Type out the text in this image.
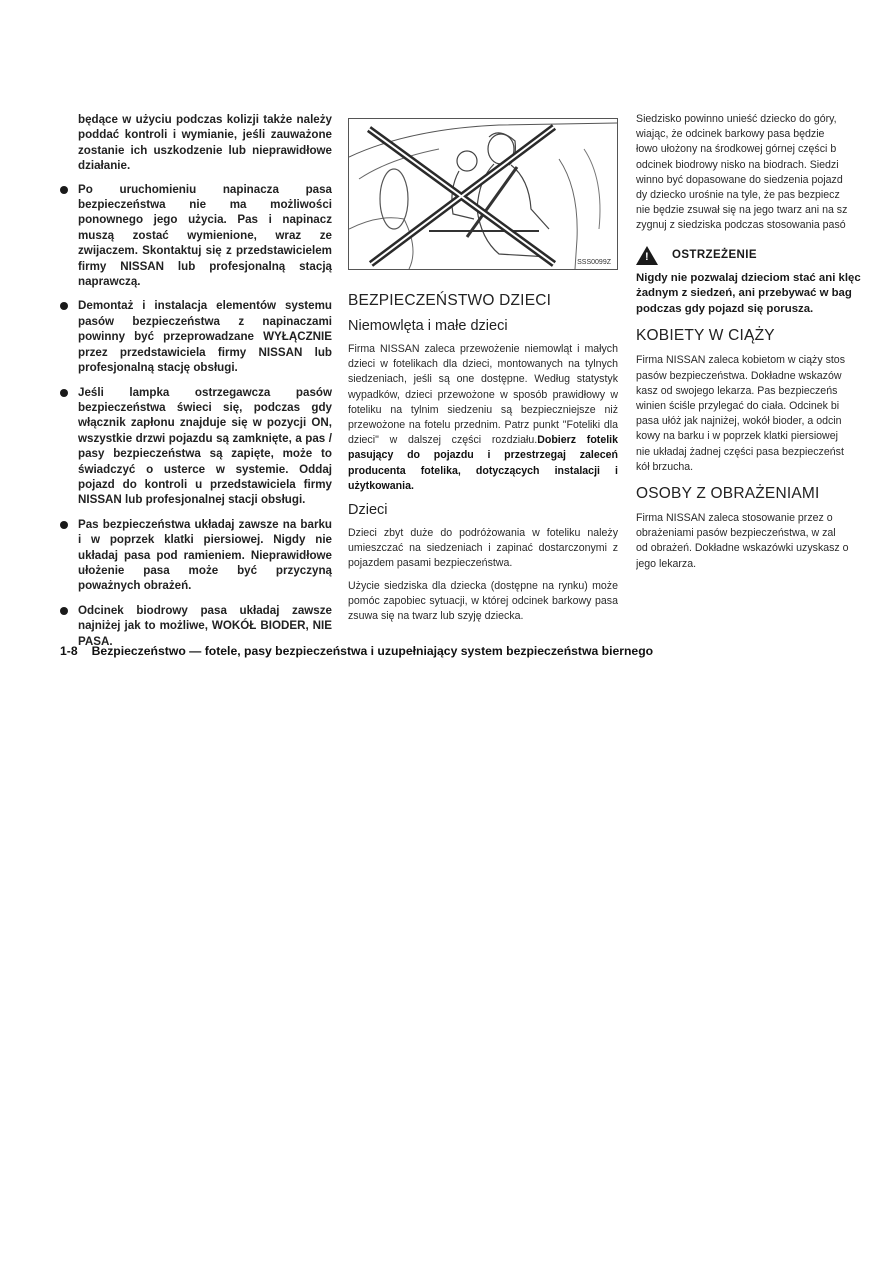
będące w użyciu podczas kolizji także należy poddać kontroli i wymianie, jeśli zauważone zostanie ich uszkodzenie lub nieprawidłowe działanie.

Po uruchomieniu napinacza pasa bezpieczeństwa nie ma możliwości ponownego jego użycia. Pas i napinacz muszą zostać wymienione, wraz ze zwijaczem. Skontaktuj się z przedstawicielem firmy NISSAN lub profesjonalną stacją naprawczą.
Demontaż i instalacja elementów systemu pasów bezpieczeństwa z napinaczami powinny być przeprowadzane WYŁĄCZNIE przez przedstawiciela firmy NISSAN lub profesjonalną stację obsługi.
Jeśli lampka ostrzegawcza pasów bezpieczeństwa świeci się, podczas gdy włącznik zapłonu znajduje się w pozycji ON, wszystkie drzwi pojazdu są zamknięte, a pas / pasy bezpieczeństwa są zapięte, może to świadczyć o usterce w systemie. Oddaj pojazd do kontroli u przedstawiciela firmy NISSAN lub profesjonalnej stacji obsługi.
Pas bezpieczeństwa układaj zawsze na barku i w poprzek klatki piersiowej. Nigdy nie układaj pasa pod ramieniem. Nieprawidłowe ułożenie pasa może być przyczyną poważnych obrażeń.
Odcinek biodrowy pasa układaj zawsze najniżej jak to możliwe, WOKÓŁ BIODER, NIE PASA.
SSS0099Z
BEZPIECZEŃSTWO DZIECI
Niemowlęta i małe dzieci

Firma NISSAN zaleca przewożenie niemowląt i małych dzieci w fotelikach dla dzieci, montowanych na tylnych siedzeniach, jeśli są one dostępne. Według statystyk wypadków, dzieci przewożone w sposób prawidłowy w foteliku na tylnim siedzeniu są bezpieczniejsze niż przewożone na fotelu przednim. Patrz punkt "Foteliki dla dzieci" w dalszej części rozdziału.Dobierz fotelik pasujący do pojazdu i przestrzegaj zaleceń producenta fotelika, dotyczących instalacji i użytkowania.

Dzieci

Dzieci zbyt duże do podróżowania w foteliku należy umieszczać na siedzeniach i zapinać dostarczonymi z pojazdem pasami bezpieczeństwa.

Użycie siedziska dla dziecka (dostępne na rynku) może pomóc zapobiec sytuacji, w której odcinek barkowy pasa zsuwa się na twarz lub szyję dziecka.

Siedzisko powinno unieść dziecko do góry,
wiając, że odcinek barkowy pasa będzie
łowo ułożony na środkowej górnej części b
odcinek biodrowy nisko na biodrach. Siedzi
winno być dopasowane do siedzenia pojazd
dy dziecko urośnie na tyle, że pas bezpiecz
nie będzie zsuwał się na jego twarz ani na sz
zygnuj z siedziska podczas stosowania pasó

! OSTRZEŻENIE

Nigdy nie pozwalaj dzieciom stać ani klęc
żadnym z siedzeń, ani przebywać w bag
podczas gdy pojazd się porusza.

KOBIETY W CIĄŻY

Firma NISSAN zaleca kobietom w ciąży stos
pasów bezpieczeństwa. Dokładne wskazów
kasz od swojego lekarza. Pas bezpieczeńs
winien ściśle przylegać do ciała. Odcinek bi
pasa ułóż jak najniżej, wokół bioder, a odcin
kowy na barku i w poprzek klatki piersiowej
nie układaj żadnej części pasa bezpieczeńst
kół brzucha.

OSOBY Z OBRAŻENIAMI

Firma NISSAN zaleca stosowanie przez o
obrażeniami pasów bezpieczeństwa, w zal
od obrażeń. Dokładne wskazówki uzyskasz o
jego lekarza.

1-8 Bezpieczeństwo — fotele, pasy bezpieczeństwa i uzupełniający system bezpieczeństwa biernego
